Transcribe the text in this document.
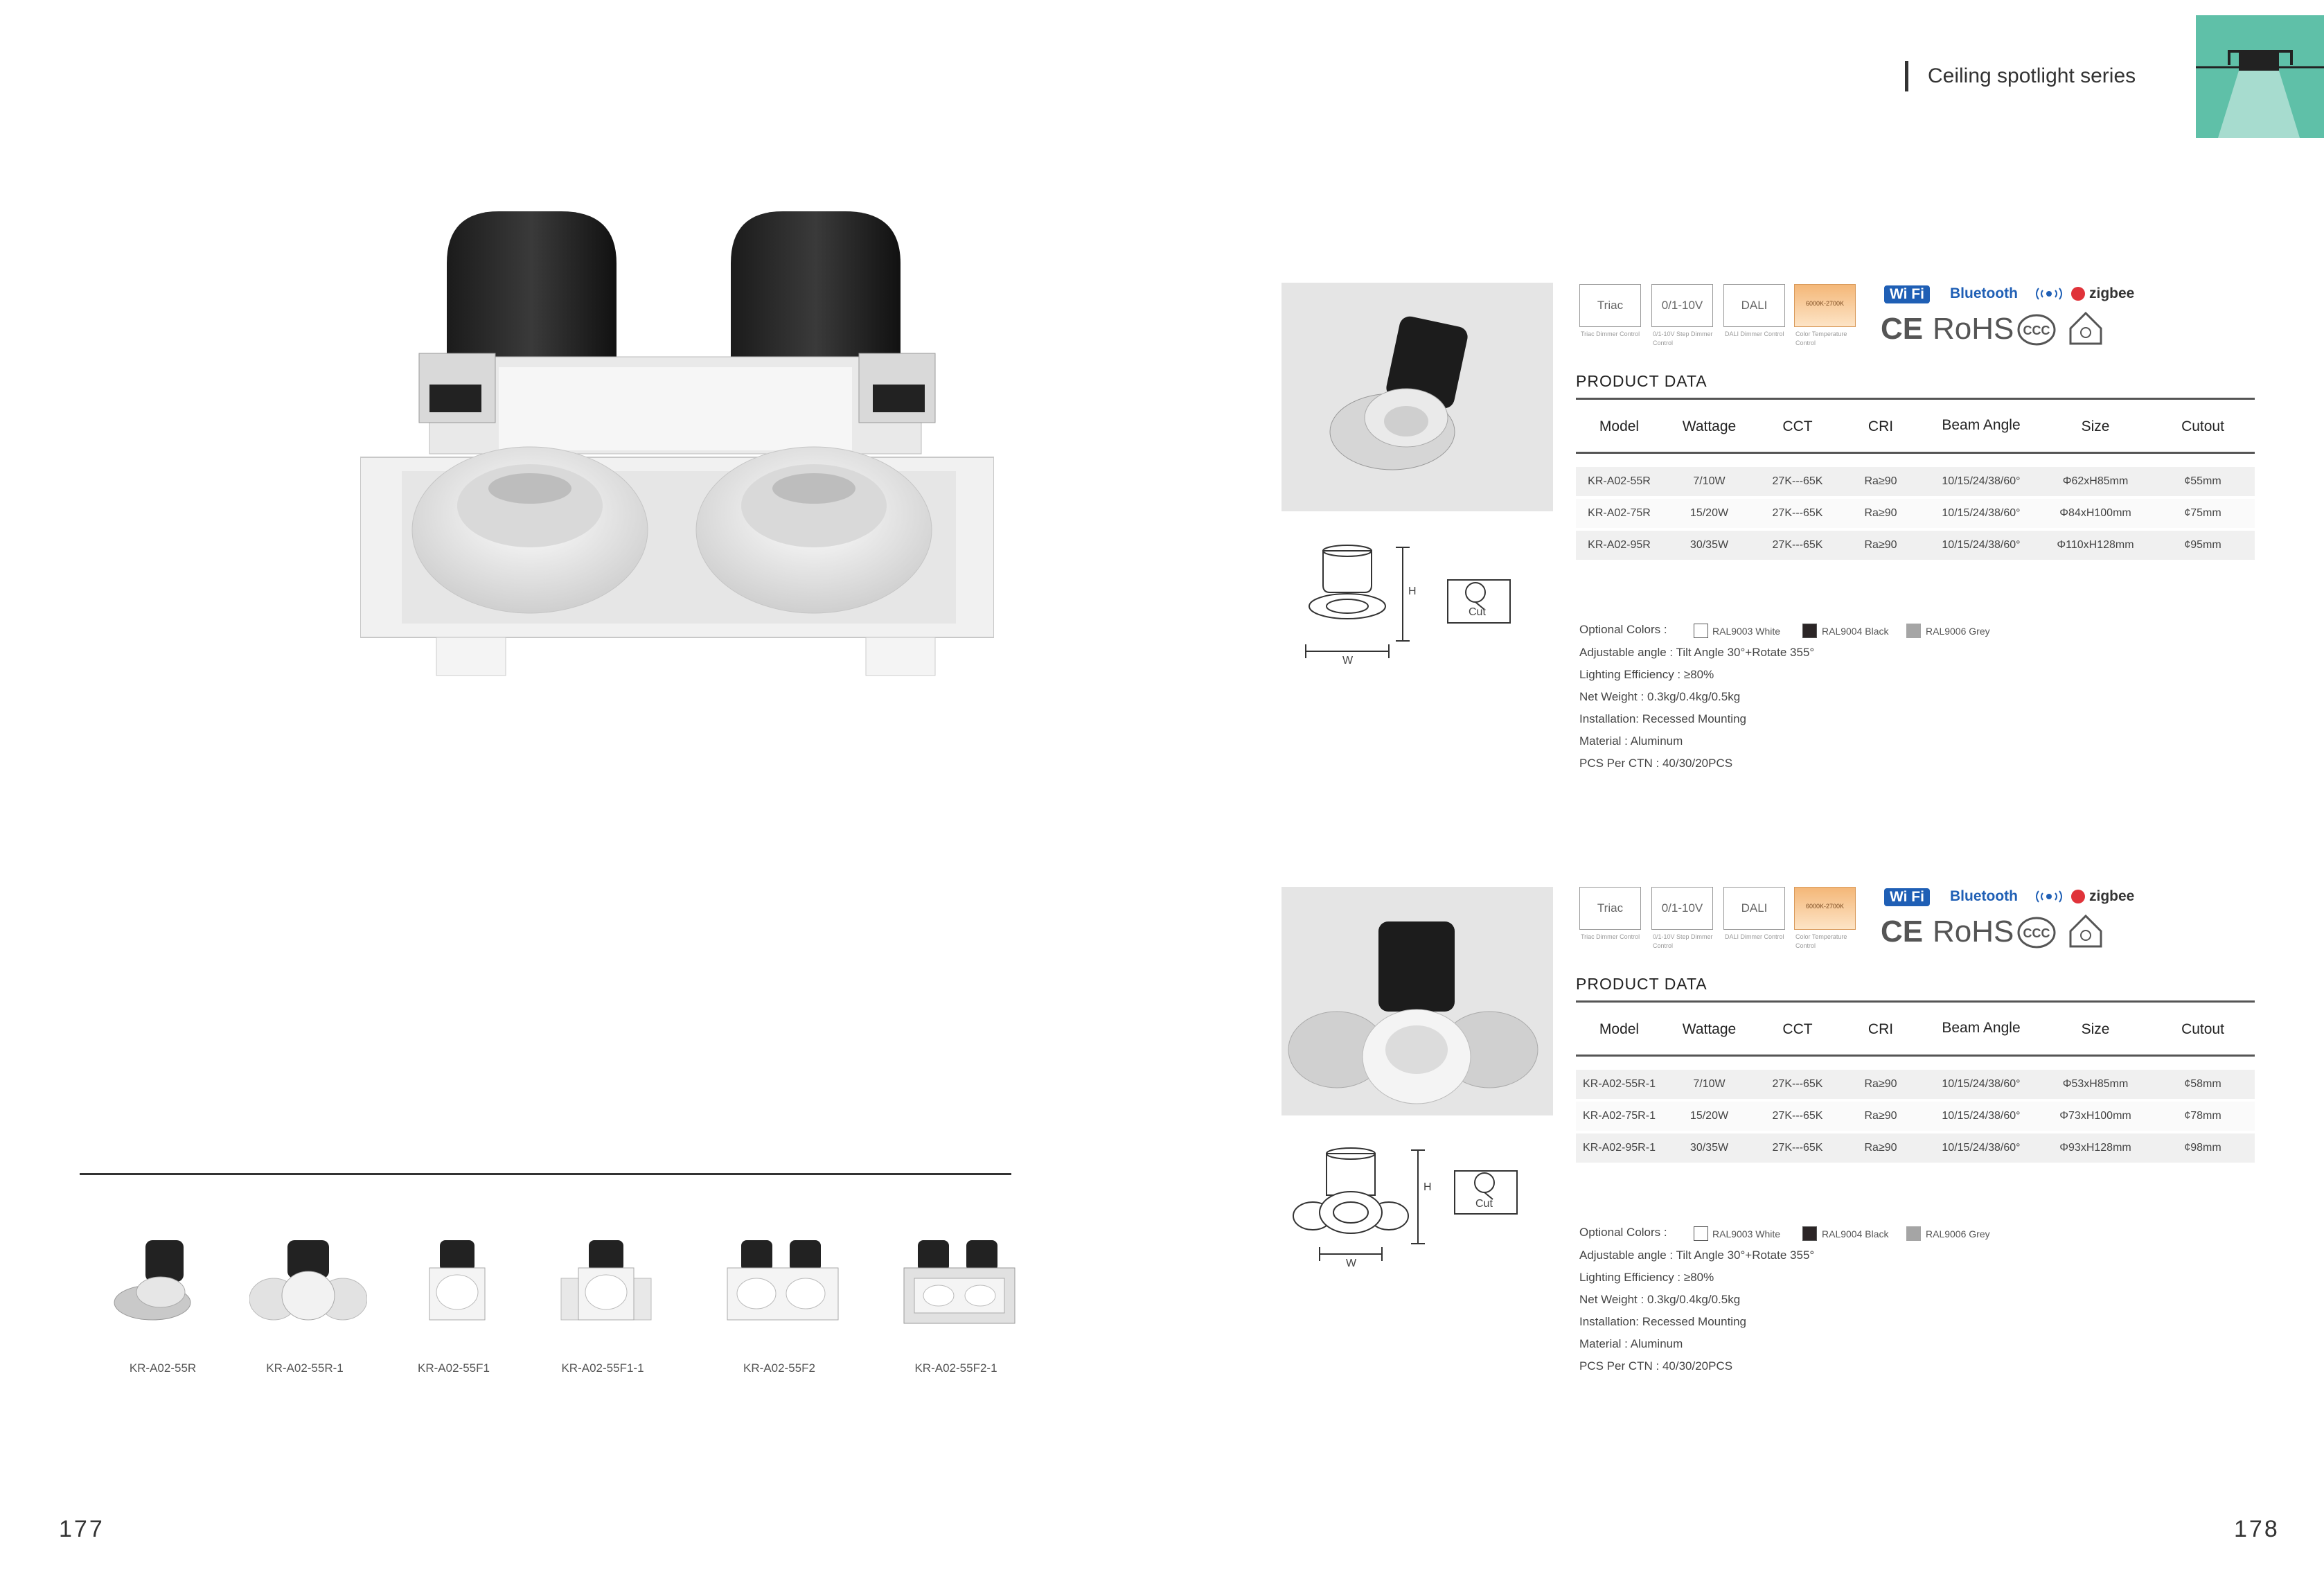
Ceiling spotlight series
KR-A02-55R	KR-A02-55R-1	KR-A02-55F1	KR-A02-55F1-1	KR-A02-55F2	KR-A02-55F2-1
177	178
H
W
Cut
Triac	0/1-10V	DALI	6000K-2700K
Triac Dimmer Control	0/1-10V Step Dimmer Control
DALI Dimmer Control	Color Temperature Control
Wi Fi	Bluetooth	zigbee
CE RoHS CCC
PRODUCT DATA
Model	Wattage	CCT	CRI	Beam Angle	Size	Cutout
KR-A02-55R	7/10W	27K---65K	Ra≥90	10/15/24/38/60°	Φ62xH85mm	¢55mm
KR-A02-75R	15/20W	27K---65K	Ra≥90	10/15/24/38/60°	Φ84xH100mm	¢75mm
KR-A02-95R	30/35W	27K---65K	Ra≥90	10/15/24/38/60°	Φ110xH128mm	¢95mm
Optional Colors :	RAL9003 White	RAL9004 Black	RAL9006 Grey
Adjustable angle : Tilt Angle 30°+Rotate 355°
Lighting Efficiency : ≥80%
Net Weight : 0.3kg/0.4kg/0.5kg
Installation: Recessed Mounting
Material : Aluminum
PCS Per CTN : 40/30/20PCS
H
W
Cut
Triac	0/1-10V	DALI	6000K-2700K
Triac Dimmer Control	0/1-10V Step Dimmer Control
DALI Dimmer Control	Color Temperature Control
Wi Fi	Bluetooth	zigbee
CE RoHS CCC
PRODUCT DATA
Model	Wattage	CCT	CRI	Beam Angle	Size	Cutout
KR-A02-55R-1	7/10W	27K---65K	Ra≥90	10/15/24/38/60°	Φ53xH85mm	¢58mm
KR-A02-75R-1	15/20W	27K---65K	Ra≥90	10/15/24/38/60°	Φ73xH100mm	¢78mm
KR-A02-95R-1	30/35W	27K---65K	Ra≥90	10/15/24/38/60°	Φ93xH128mm	¢98mm
Optional Colors :	RAL9003 White	RAL9004 Black	RAL9006 Grey
Adjustable angle : Tilt Angle 30°+Rotate 355°
Lighting Efficiency : ≥80%
Net Weight : 0.3kg/0.4kg/0.5kg
Installation: Recessed Mounting
Material : Aluminum
PCS Per CTN : 40/30/20PCS
